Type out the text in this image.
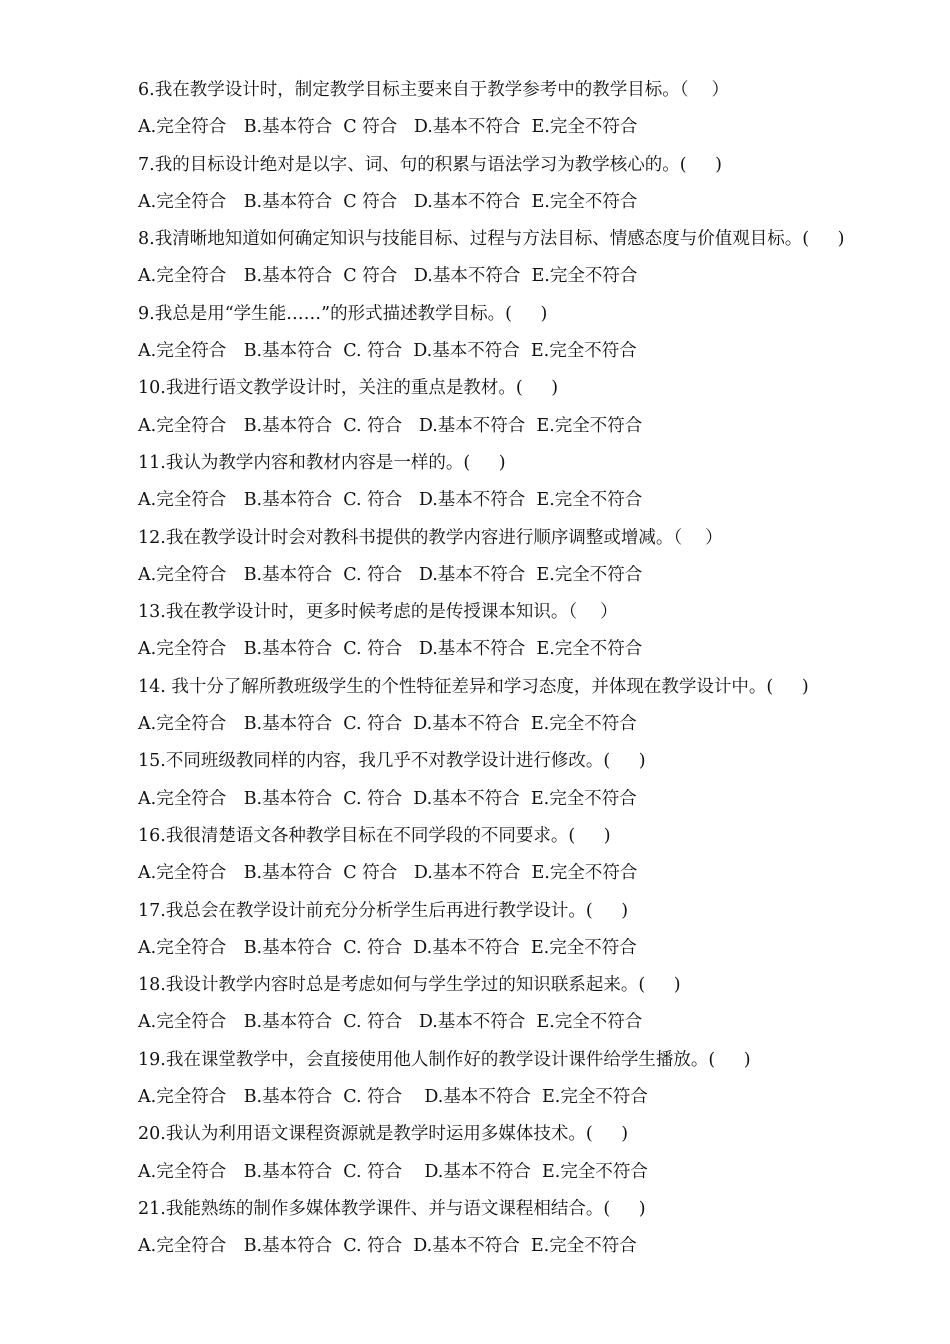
6.我在教学设计时，制定教学目标主要来自于教学参考中的教学目标。（　 ）
A.完全符合　B.基本符合  C 符合   D.基本不符合  E.完全不符合
7.我的目标设计绝对是以字、词、句的积累与语法学习为教学核心的。(　  )
A.完全符合　B.基本符合  C 符合   D.基本不符合  E.完全不符合
8.我清晰地知道如何确定知识与技能目标、过程与方法目标、情感态度与价值观目标。(　  )
A.完全符合　B.基本符合  C 符合   D.基本不符合  E.完全不符合
9.我总是用“学生能……”的形式描述教学目标。(　  )
A.完全符合　B.基本符合  C. 符合  D.基本不符合  E.完全不符合
10.我进行语文教学设计时，关注的重点是教材。(　  )
A.完全符合　B.基本符合  C. 符合   D.基本不符合  E.完全不符合
11.我认为教学内容和教材内容是一样的。(　  )
A.完全符合　B.基本符合  C. 符合   D.基本不符合  E.完全不符合
12.我在教学设计时会对教科书提供的教学内容进行顺序调整或增减。（　 ）
A.完全符合　B.基本符合  C. 符合   D.基本不符合  E.完全不符合
13.我在教学设计时，更多时候考虑的是传授课本知识。（　 ）
A.完全符合　B.基本符合  C. 符合   D.基本不符合  E.完全不符合
14. 我十分了解所教班级学生的个性特征差异和学习态度，并体现在教学设计中。(　  )
A.完全符合　B.基本符合  C. 符合  D.基本不符合  E.完全不符合
15.不同班级教同样的内容，我几乎不对教学设计进行修改。(　  )
A.完全符合　B.基本符合  C. 符合  D.基本不符合  E.完全不符合
16.我很清楚语文各种教学目标在不同学段的不同要求。(　  )
A.完全符合　B.基本符合  C 符合   D.基本不符合  E.完全不符合
17.我总会在教学设计前充分分析学生后再进行教学设计。(　  )
A.完全符合　B.基本符合  C. 符合  D.基本不符合  E.完全不符合
18.我设计教学内容时总是考虑如何与学生学过的知识联系起来。(　  )
A.完全符合　B.基本符合  C. 符合   D.基本不符合  E.完全不符合
19.我在课堂教学中，会直接使用他人制作好的教学设计课件给学生播放。(　  )
A.完全符合　B.基本符合  C. 符合    D.基本不符合  E.完全不符合
20.我认为利用语文课程资源就是教学时运用多媒体技术。(　  )
A.完全符合　B.基本符合  C. 符合    D.基本不符合  E.完全不符合
21.我能熟练的制作多媒体教学课件、并与语文课程相结合。(　  )
A.完全符合　B.基本符合  C. 符合  D.基本不符合  E.完全不符合
